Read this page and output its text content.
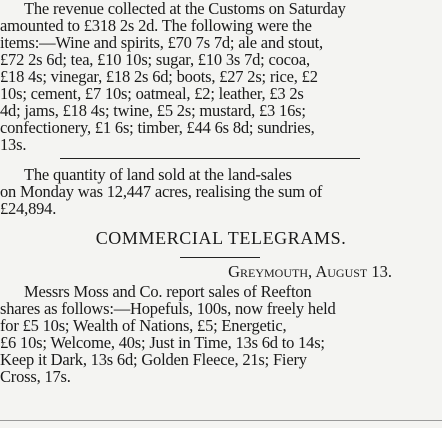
The revenue collected at the Customs on Saturday
amounted to £318 2s 2d. The following were the
items:—Wine and spirits, £70 7s 7d; ale and stout,
£72 2s 6d; tea, £10 10s; sugar, £10 3s 7d; cocoa,
£18 4s; vinegar, £18 2s 6d; boots, £27 2s; rice, £2
10s; cement, £7 10s; oatmeal, £2; leather, £3 2s
4d; jams, £18 4s; twine, £5 2s; mustard, £3 16s;
confectionery, £1 6s; timber, £44 6s 8d; sundries,
13s.
The quantity of land sold at the land-sales
on Monday was 12,447 acres, realising the sum of
£24,894.
COMMERCIAL TELEGRAMS.
Greymouth, August 13.
Messrs Moss and Co. report sales of Reefton
shares as follows:—Hopefuls, 100s, now freely held
for £5 10s; Wealth of Nations, £5; Energetic,
£6 10s; Welcome, 40s; Just in Time, 13s 6d to 14s;
Keep it Dark, 13s 6d; Golden Fleece, 21s; Fiery
Cross, 17s.
